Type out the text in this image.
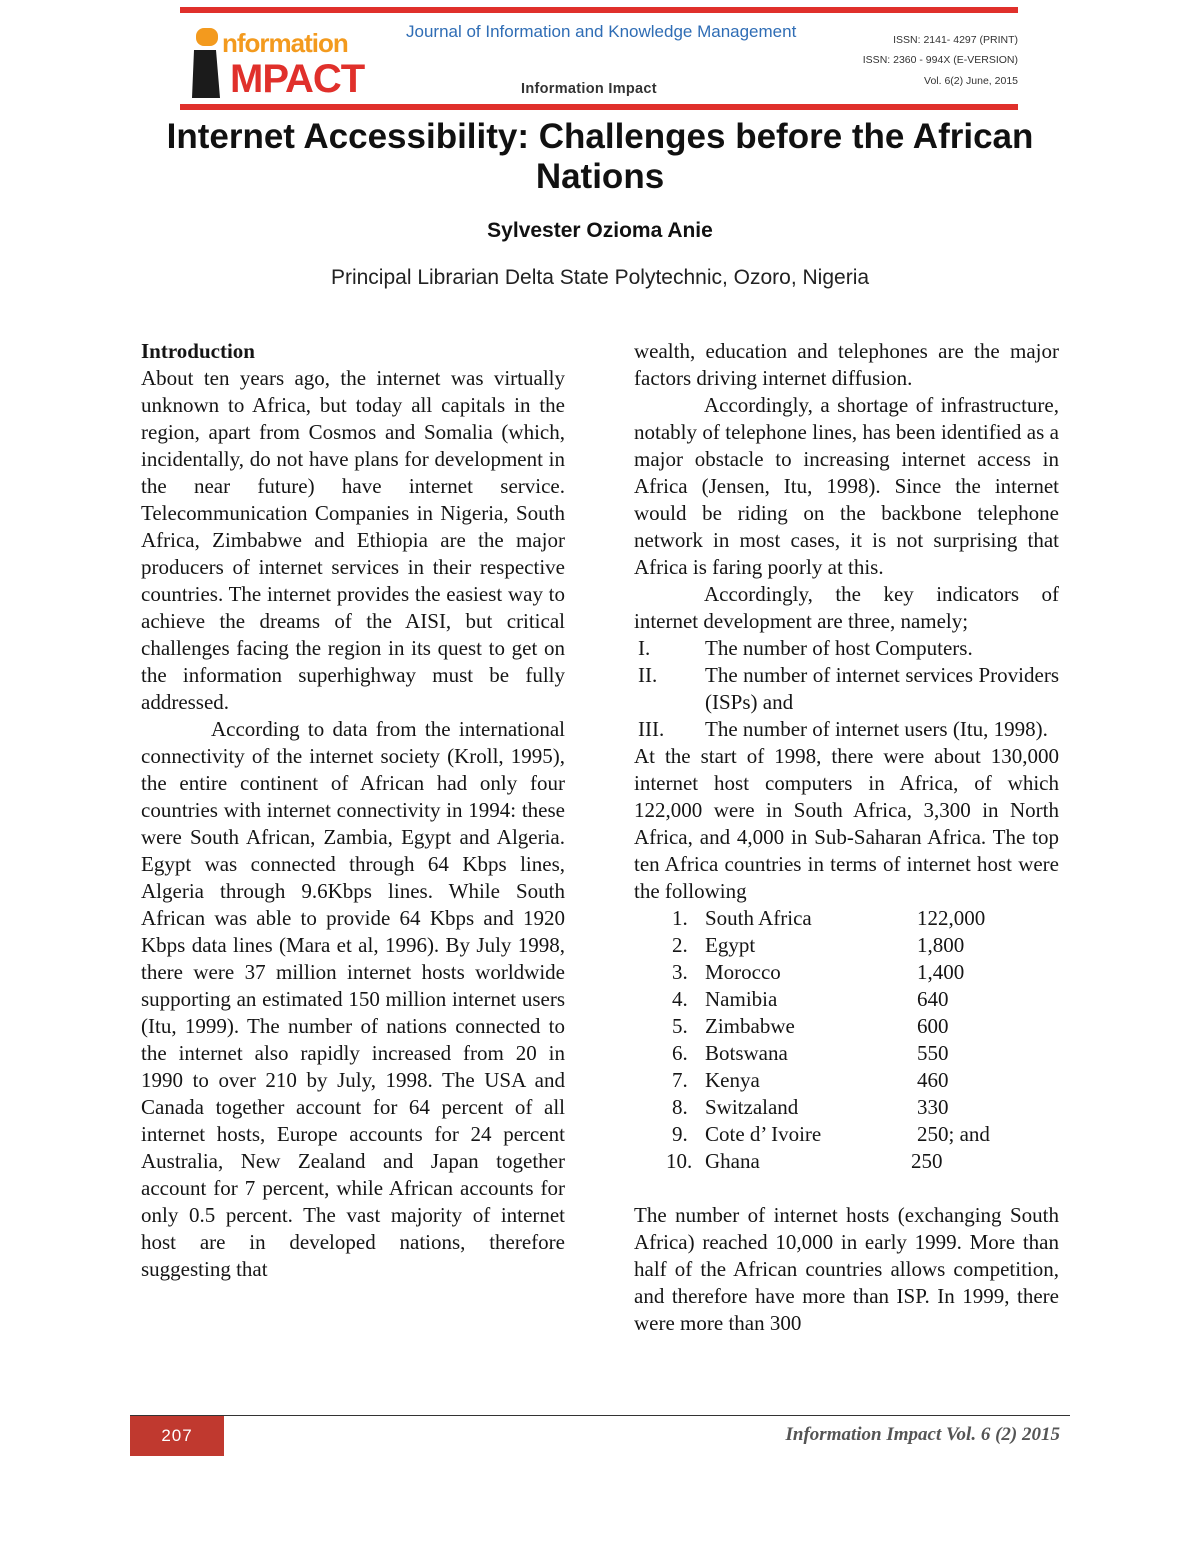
nformation
MPACT
Journal of Information and Knowledge Management
Information Impact
ISSN: 2141- 4297 (PRINT)
ISSN: 2360 - 994X (E-VERSION)
Vol. 6(2) June, 2015
Internet Accessibility: Challenges before the African Nations
Sylvester Ozioma Anie
Principal Librarian Delta State Polytechnic, Ozoro, Nigeria

Introduction

About ten years ago, the internet was virtually unknown to Africa, but today all capitals in the region, apart from Cosmos and Somalia (which, incidentally, do not have plans for development in the near future) have internet service. Telecommunication Companies in Nigeria, South Africa, Zimbabwe and Ethiopia are the major producers of internet services in their respective countries. The internet provides the easiest way to achieve the dreams of the AISI, but critical challenges facing the region in its quest to get on the information superhighway must be fully addressed.

According to data from the international connectivity of the internet society (Kroll, 1995), the entire continent of African had only four countries with internet connectivity in 1994: these were South African, Zambia, Egypt and Algeria. Egypt was connected through 64 Kbps lines, Algeria through 9.6Kbps lines. While South African was able to provide 64 Kbps and 1920 Kbps data lines (Mara et al, 1996). By July 1998, there were 37 million internet hosts worldwide supporting an estimated 150 million internet users (Itu, 1999). The number of nations connected to the internet also rapidly increased from 20 in 1990 to over 210 by July, 1998. The USA and Canada together account for 64 percent of all internet hosts, Europe accounts for 24 percent Australia, New Zealand and Japan together account for 7 percent, while African accounts for only 0.5 percent. The vast majority of internet host are in developed nations, therefore suggesting that

wealth, education and telephones are the major factors driving internet diffusion.

Accordingly, a shortage of infrastructure, notably of telephone lines, has been identified as a major obstacle to increasing internet access in Africa (Jensen, Itu, 1998). Since the internet would be riding on the backbone telephone network in most cases, it is not surprising that Africa is faring poorly at this.

Accordingly, the key indicators of internet development are three, namely;

I.	The number of host Computers.
II.	The number of internet services Providers (ISPs) and
III.	The number of internet users (Itu, 1998).

At the start of 1998, there were about 130,000 internet host computers in Africa, of which 122,000 were in South Africa, 3,300 in North Africa, and 4,000 in Sub-Saharan Africa. The top ten Africa countries in terms of internet host were the following

1. South Africa	122,000
2. Egypt	1,800
3. Morocco	1,400
4. Namibia	640
5. Zimbabwe	600
6. Botswana	550
7. Kenya	460
8. Switzaland	330
9. Cote d’ Ivoire	250; and
10. Ghana	250

The number of internet hosts (exchanging South Africa) reached 10,000 in early 1999. More than half of the African countries allows competition, and therefore have more than ISP. In 1999, there were more than 300

207	Information Impact Vol. 6 (2) 2015
